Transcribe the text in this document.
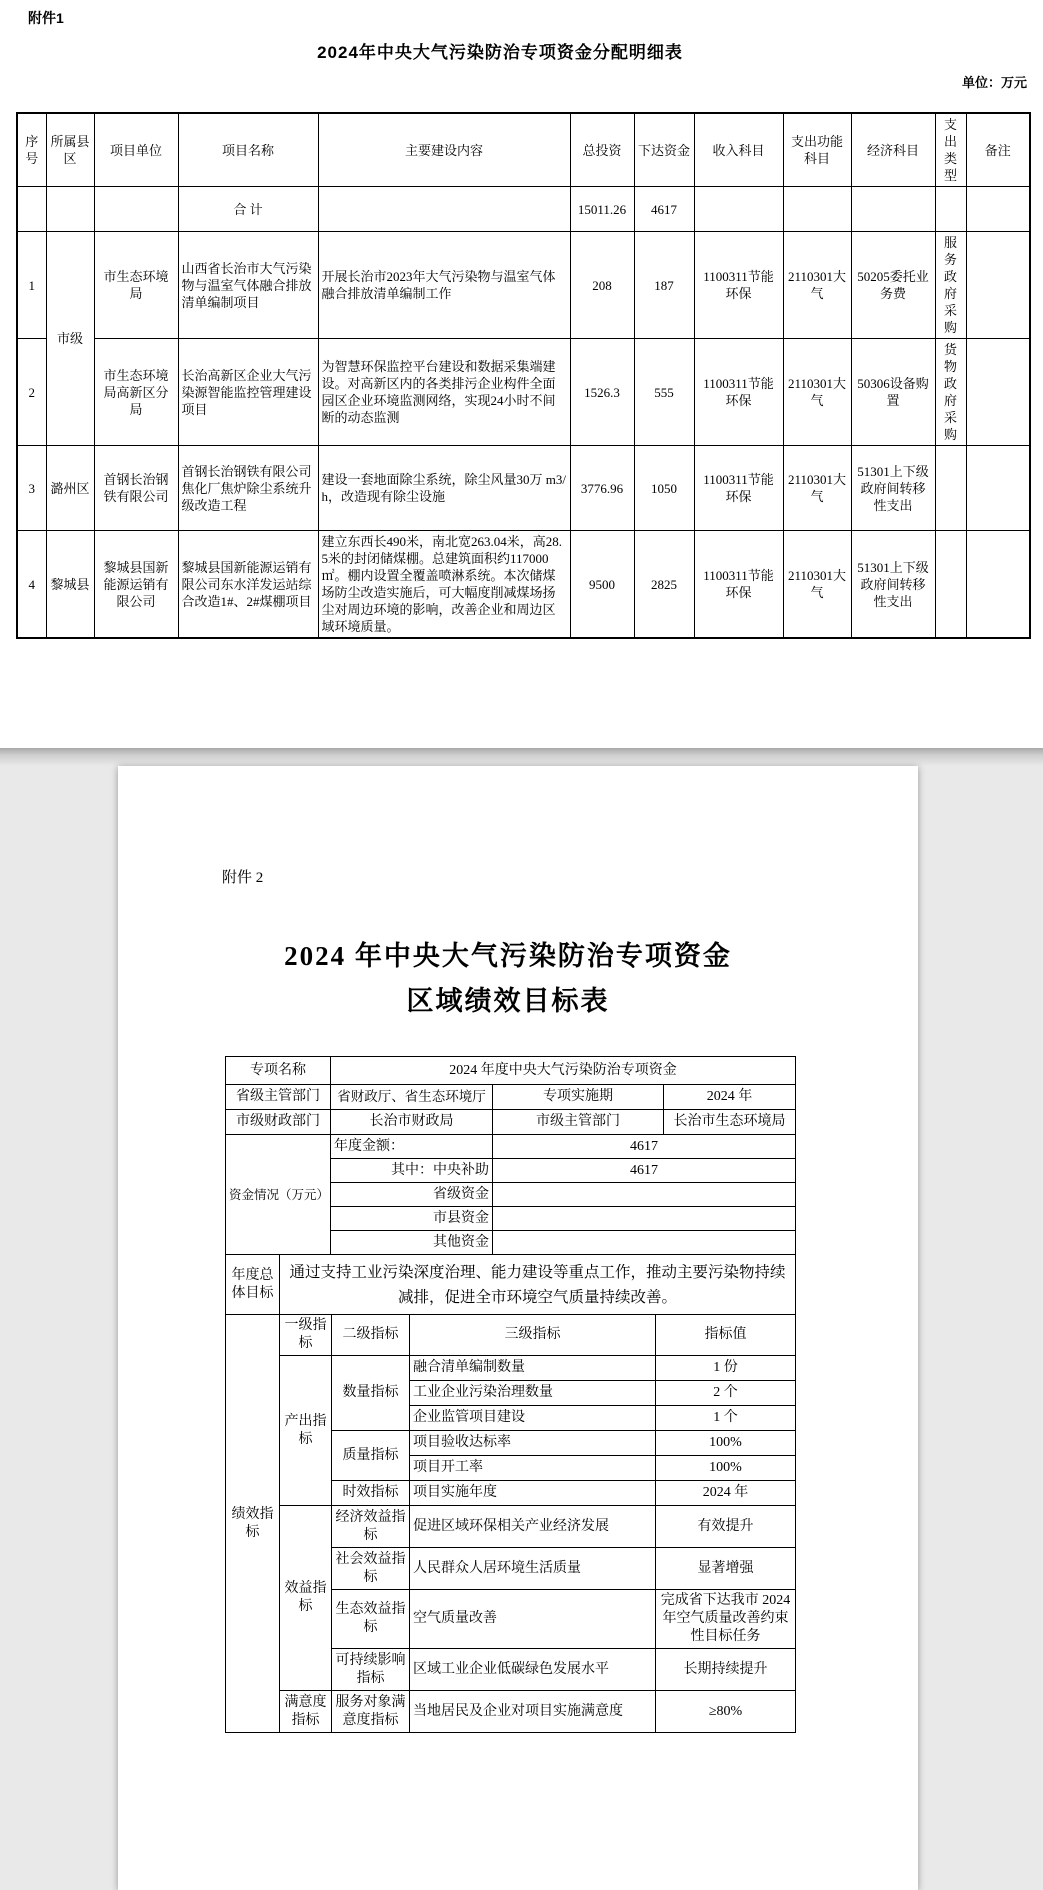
附件1
2024年中央大气污染防治专项资金分配明细表
单位：万元
序号	所属县区	项目单位	项目名称	主要建设内容	总投资	下达资金	收入科目	支出功能科目	经济科目	支出类型	备注
			合 计		15011.26	4617					
1	市级	市生态环境局	山西省长治市大气污染物与温室气体融合排放清单编制项目	开展长治市2023年大气污染物与温室气体融合排放清单编制工作	208	187	1100311节能环保	2110301大气	50205委托业务费	服务政府采购	
2		市生态环境局高新区分局	长治高新区企业大气污染源智能监控管理建设项目	为智慧环保监控平台建设和数据采集端建设。对高新区内的各类排污企业构件全面园区企业环境监测网络，实现24小时不间断的动态监测	1526.3	555	1100311节能环保	2110301大气	50306设备购置	货物政府采购	
3	潞州区	首钢长治钢铁有限公司	首钢长治钢铁有限公司焦化厂焦炉除尘系统升级改造工程	建设一套地面除尘系统，除尘风量30万 m3/h，改造现有除尘设施	3776.96	1050	1100311节能环保	2110301大气	51301上下级政府间转移性支出		
4	黎城县	黎城县国新能源运销有限公司	黎城县国新能源运销有限公司东水洋发运站综合改造1#、2#煤棚项目	建立东西长490米，南北宽263.04米，高28.5米的封闭储煤棚。总建筑面积约117000㎡。棚内设置全覆盖喷淋系统。本次储煤场防尘改造实施后，可大幅度削减煤场扬尘对周边环境的影响，改善企业和周边区域环境质量。	9500	2825	1100311节能环保	2110301大气	51301上下级政府间转移性支出		
附件 2
2024 年中央大气污染防治专项资金
区域绩效目标表
专项名称	2024 年度中央大气污染防治专项资金		
省级主管部门	省财政厅、省生态环境厅	专项实施期	2024 年
市级财政部门	长治市财政局	市级主管部门	长治市生态环境局
资金情况（万元）	年度金额：	4617	
	其中：中央补助	4617	
	省级资金		
	市县资金		
	其他资金		
年度总体目标	通过支持工业污染深度治理、能力建设等重点工作，推动主要污染物持续减排，促进全市环境空气质量持续改善。
绩效指标	一级指标	二级指标	三级指标	指标值
	产出指标	数量指标	融合清单编制数量	1 份
			工业企业污染治理数量	2 个
			企业监管项目建设	1 个
		质量指标	项目验收达标率	100%
			项目开工率	100%
		时效指标	项目实施年度	2024 年
	效益指标	经济效益指标	促进区域环保相关产业经济发展	有效提升
		社会效益指标	人民群众人居环境生活质量	显著增强
		生态效益指标	空气质量改善	完成省下达我市 2024 年空气质量改善约束性目标任务
		可持续影响指标	区域工业企业低碳绿色发展水平	长期持续提升
	满意度指标	服务对象满意度指标	当地居民及企业对项目实施满意度	≥80%
